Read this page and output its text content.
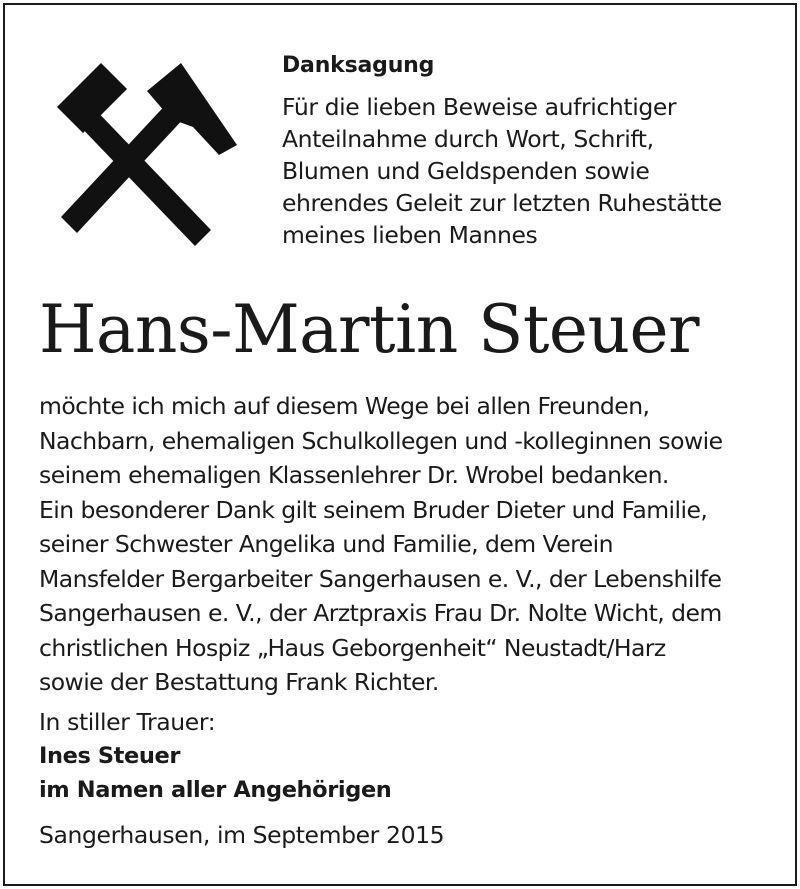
Danksagung
Für die lieben Beweise aufrichtiger
Anteilnahme durch Wort, Schrift,
Blumen und Geldspenden sowie
ehrendes Geleit zur letzten Ruhestätte
meines lieben Mannes
Hans-Martin Steuer
möchte ich mich auf diesem Wege bei allen Freunden,
Nachbarn, ehemaligen Schulkollegen und -kolleginnen sowie
seinem ehemaligen Klassenlehrer Dr. Wrobel bedanken.
Ein besonderer Dank gilt seinem Bruder Dieter und Familie,
seiner Schwester Angelika und Familie, dem Verein
Mansfelder Bergarbeiter Sangerhausen e. V., der Lebenshilfe
Sangerhausen e. V., der Arztpraxis Frau Dr. Nolte Wicht, dem
christlichen Hospiz „Haus Geborgenheit“ Neustadt/Harz
sowie der Bestattung Frank Richter.
In stiller Trauer:
Ines Steuer
im Namen aller Angehörigen
Sangerhausen, im September 2015
